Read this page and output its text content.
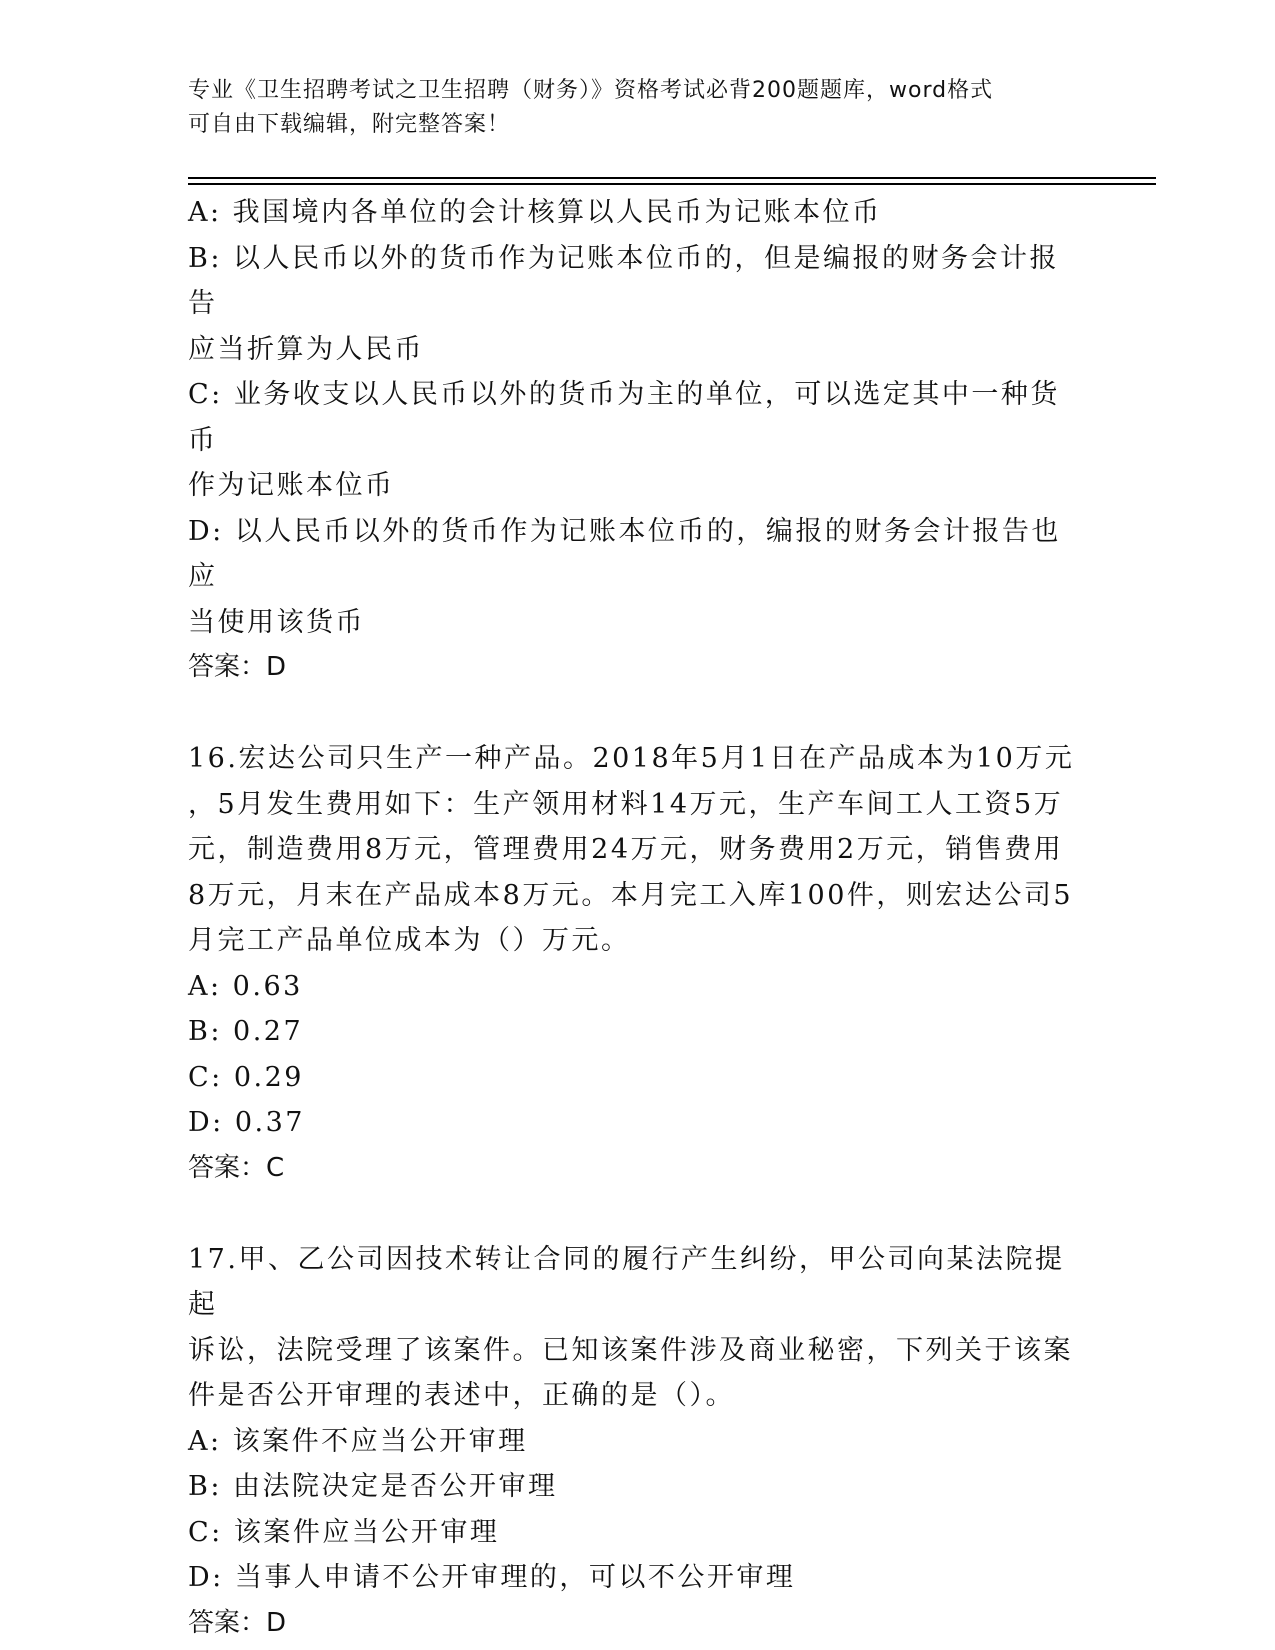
专业《卫生招聘考试之卫生招聘（财务）》资格考试必背200题题库，word格式
可自由下载编辑，附完整答案！

A: 我国境内各单位的会计核算以人民币为记账本位币

B: 以人民币以外的货币作为记账本位币的，但是编报的财务会计报告

应当折算为人民币

C: 业务收支以人民币以外的货币为主的单位，可以选定其中一种货币

作为记账本位币

D: 以人民币以外的货币作为记账本位币的，编报的财务会计报告也应

当使用该货币

答案：D

16.宏达公司只生产一种产品。2018年5月1日在产品成本为10万元

，5月发生费用如下：生产领用材料14万元，生产车间工人工资5万

元，制造费用8万元，管理费用24万元，财务费用2万元，销售费用

8万元，月末在产品成本8万元。本月完工入库100件，则宏达公司5

月完工产品单位成本为（）万元。

A: 0.63

B: 0.27

C: 0.29

D: 0.37

答案：C

17.甲、乙公司因技术转让合同的履行产生纠纷，甲公司向某法院提起

诉讼，法院受理了该案件。已知该案件涉及商业秘密，下列关于该案

件是否公开审理的表述中，正确的是（）。

A: 该案件不应当公开审理

B: 由法院决定是否公开审理

C: 该案件应当公开审理

D: 当事人申请不公开审理的，可以不公开审理

答案：D
